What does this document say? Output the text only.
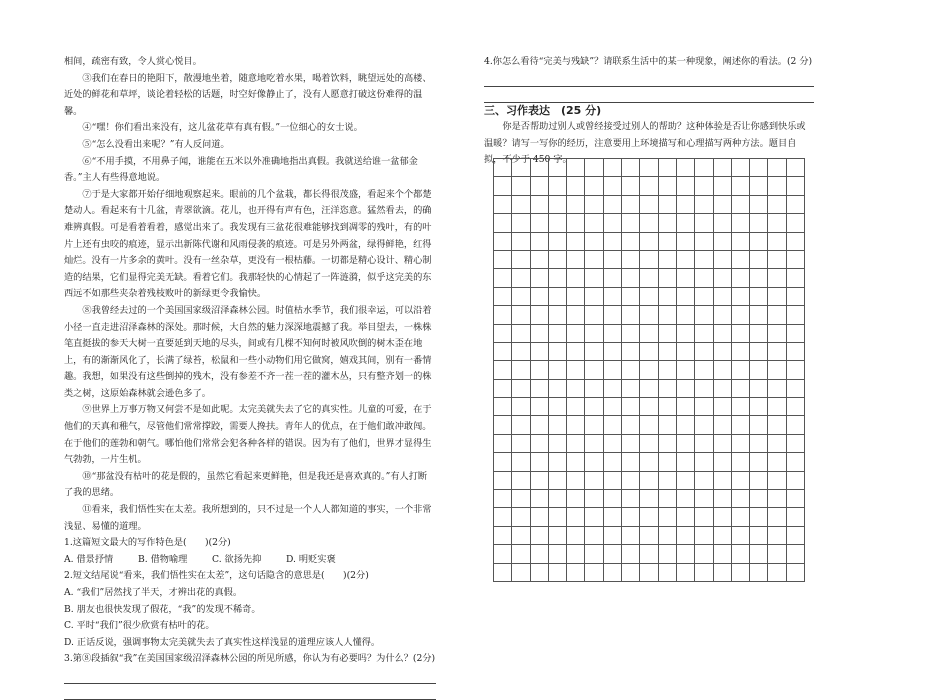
相间，疏密有致，令人赏心悦目。

③我们在春日的艳阳下，散漫地坐着，随意地吃着水果，喝着饮料，眺望远处的高楼、近处的鲜花和草坪，谈论着轻松的话题，时空好像静止了，没有人愿意打破这份难得的温馨。

④“嘿！你们看出来没有，这儿盆花草有真有假。”一位细心的女士说。

⑤“怎么没看出来呢？”有人反问道。

⑥“不用手摸，不用鼻子闻，谁能在五米以外准确地指出真假。我就送给谁一盆郁金香。”主人有些得意地说。

⑦于是大家都开始仔细地观察起来。眼前的几个盆栽，都长得很茂盛，看起来个个都楚楚动人。看起来有十几盆，青翠欲滴。花儿，也开得有声有色，汪洋恣意。猛然看去，的确难辨真假。可是看着看着，感觉出来了。我发现有三盆花很难能够找到凋零的残叶，有的叶片上还有虫咬的痕迹，显示出新陈代谢和风雨侵袭的痕迹。可是另外两盆，绿得鲜艳，红得灿烂。没有一片多余的黄叶。没有一丝杂草，更没有一根枯藤。一切都是精心设计、精心制造的结果，它们显得完美无缺。看着它们。我那轻快的心情起了一阵涟漪，似乎这完美的东西远不如那些夹杂着残枝败叶的新绿更令我愉快。

⑧我曾经去过的一个美国国家级沼泽森林公园。时值枯水季节，我们很幸运，可以沿着小径一直走进沼泽森林的深处。那时候，大自然的魅力深深地震撼了我。举目望去，一株株笔直挺拔的参天大树一直要延到天地的尽头，间或有几棵不知何时被风吹倒的树木歪在地上，有的渐渐风化了，长满了绿苔，松鼠和一些小动物们用它做窝，嬉戏其间，别有一番情趣。我想，如果没有这些倒掉的残木，没有参差不齐一茬一茬的灌木丛，只有整齐划一的株类之树，这原始森林就会逊色多了。

⑨世界上万事万物又何尝不是如此呢。太完美就失去了它的真实性。儿童的可爱，在于他们的天真和稚气，尽管他们常常撑跤，需要人搀扶。青年人的优点，在于他们敢冲敢闯。在于他们的莲勃和朝气。哪怕他们常常会犯各种各样的错误。因为有了他们，世界才显得生气勃勃，一片生机。

⑩“那盆没有枯叶的花是假的，虽然它看起来更鲜艳，但是我还是喜欢真的。”有人打断了我的思绪。

⑪看来，我们悟性实在太差。我所想到的，只不过是一个人人都知道的事实，一个非常浅显、易懂的道理。

1.这篇短文最大的写作特色是(　　)(2分)

A. 借景抒情	B. 借物喻理	C. 欲扬先抑	D. 明贬实褒

2.短文结尾说“看来，我们悟性实在太差”，这句话隐含的意思是(　　)(2分)

A. “我们”居然找了半天，才辨出花的真假。

B. 朋友也很快发现了假花，“我”的发现不稀奇。

C. 平时“我们”很少欣赏有枯叶的花。

D. 正话反说，强调事物太完美就失去了真实性这样浅显的道理应该人人懂得。

3.第⑧段插叙“我”在美国国家级沼泽森林公园的所见所感，你认为有必要吗？为什么？(2分)

4.你怎么看待“完美与残缺”？请联系生活中的某一种现象，阐述你的看法。(2 分)

三、习作表达　(25 分)

你是否帮助过别人或曾经接受过别人的帮助？这种体验是否让你感到快乐或温暖？请写一写你的经历，注意要用上环境描写和心理描写两种方法。题目自拟，不少于 450 字。
